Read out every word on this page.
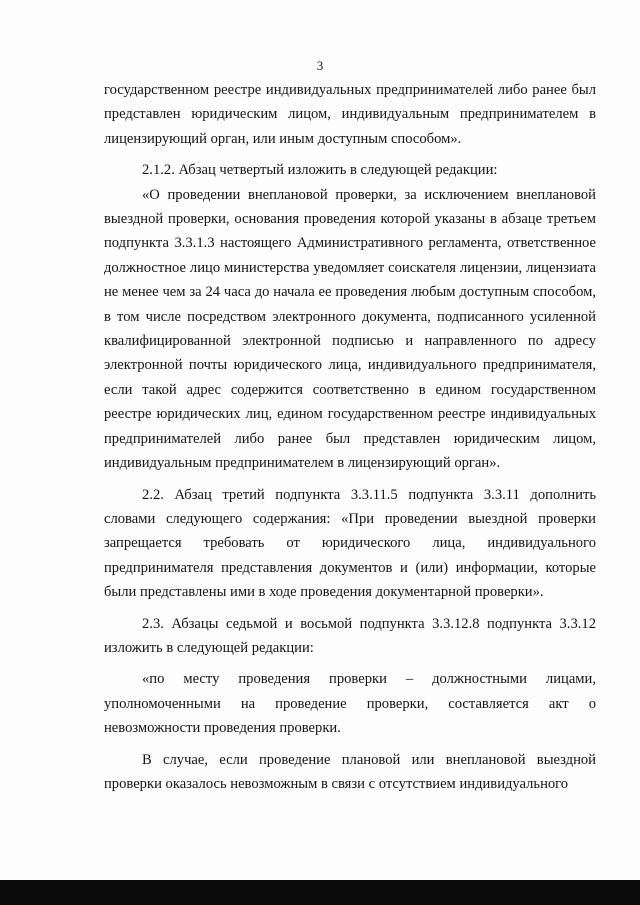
3

государственном реестре индивидуальных предпринимателей либо ранее был представлен юридическим лицом, индивидуальным предпринимателем в лицензирующий орган, или иным доступным способом».

2.1.2. Абзац четвертый изложить в следующей редакции:

«О проведении внеплановой проверки, за исключением внеплановой выездной проверки, основания проведения которой указаны в абзаце третьем подпункта 3.3.1.3 настоящего Административного регламента, ответственное должностное лицо министерства уведомляет соискателя лицензии, лицензиата не менее чем за 24 часа до начала ее проведения любым доступным способом, в том числе посредством электронного документа, подписанного усиленной квалифицированной электронной подписью и направленного по адресу электронной почты юридического лица, индивидуального предпринимателя, если такой адрес содержится соответственно в едином государственном реестре юридических лиц, едином государственном реестре индивидуальных предпринимателей либо ранее был представлен юридическим лицом, индивидуальным предпринимателем в лицензирующий орган».

2.2. Абзац третий подпункта 3.3.11.5 подпункта 3.3.11 дополнить словами следующего содержания: «При проведении выездной проверки запрещается требовать от юридического лица, индивидуального предпринимателя представления документов и (или) информации, которые были представлены ими в ходе проведения документарной проверки».

2.3. Абзацы седьмой и восьмой подпункта 3.3.12.8 подпункта 3.3.12 изложить в следующей редакции:

«по месту проведения проверки – должностными лицами, уполномоченными на проведение проверки, составляется акт о невозможности проведения проверки.

В случае, если проведение плановой или внеплановой выездной проверки оказалось невозможным в связи с отсутствием индивидуального
